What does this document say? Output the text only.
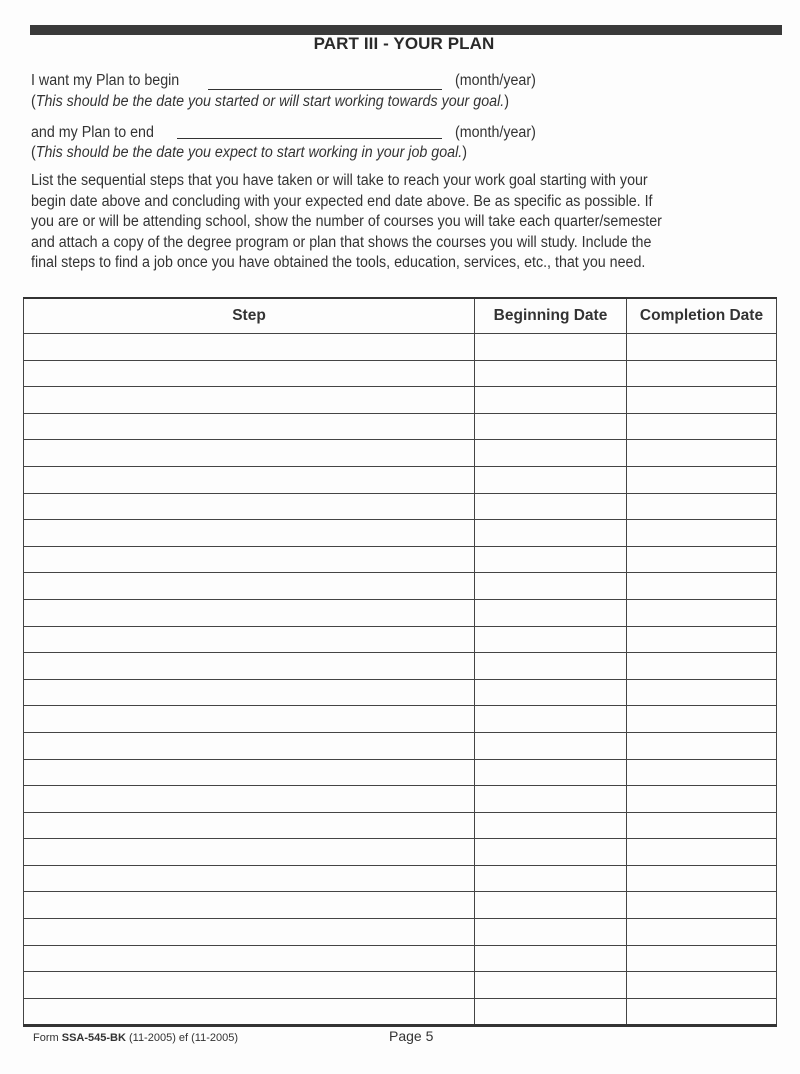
PART III - YOUR PLAN
I want my Plan to begin	(month/year)
(This should be the date you started or will start working towards your goal.)
and my Plan to end	(month/year)
(This should be the date you expect to start working in your job goal.)

List the sequential steps that you have taken or will take to reach your work goal starting with your

begin date above and concluding with your expected end date above. Be as specific as possible. If

you are or will be attending school, show the number of courses you will take each quarter/semester

and attach a copy of the degree program or plan that shows the courses you will study. Include the

final steps to find a job once you have obtained the tools, education, services, etc., that you need.

Step	Beginning Date	Completion Date

Form SSA-545-BK (11-2005) ef (11-2005)	Page 5
